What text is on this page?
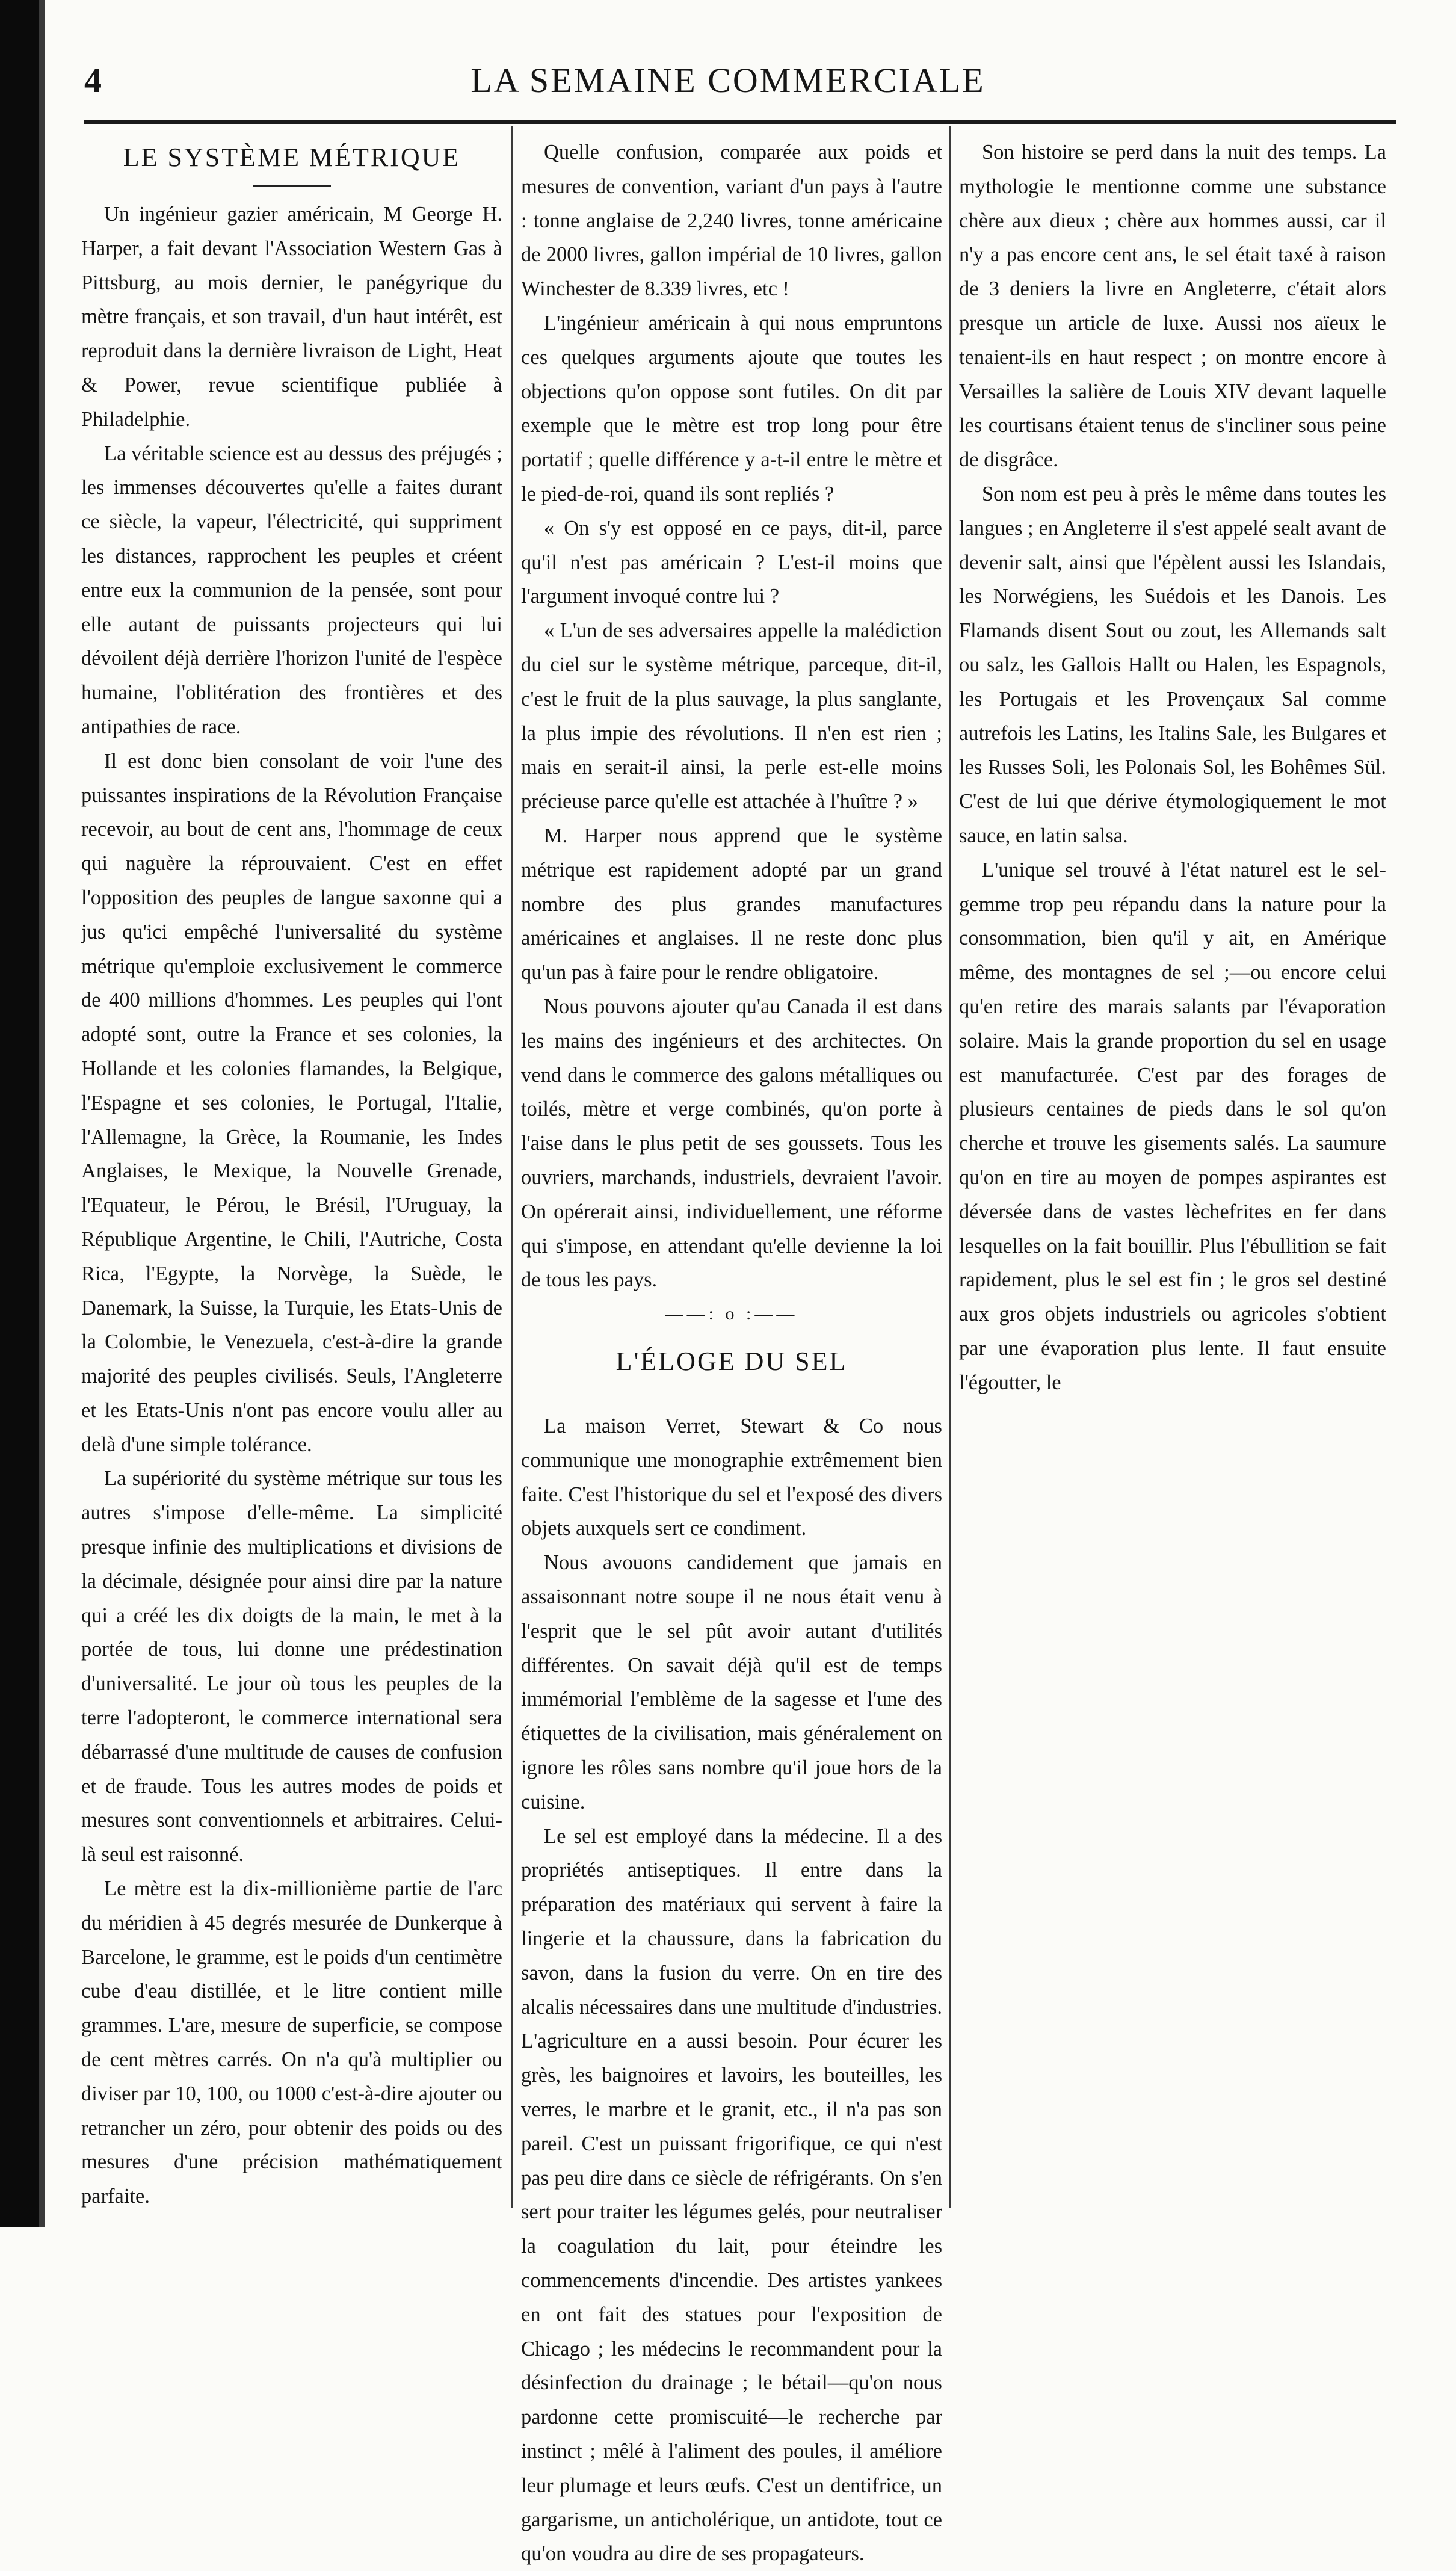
4	LA SEMAINE COMMERCIALE
LE SYSTÈME MÉTRIQUE

Un ingénieur gazier américain, M George H. Harper, a fait devant l'Association Western Gas à Pittsburg, au mois dernier, le panégyrique du mètre français, et son travail, d'un haut intérêt, est reproduit dans la dernière livraison de Light, Heat & Power, revue scientifique publiée à Philadelphie.

La véritable science est au dessus des préjugés ; les immenses découvertes qu'elle a faites durant ce siècle, la vapeur, l'électricité, qui suppriment les distances, rapprochent les peuples et créent entre eux la communion de la pensée, sont pour elle autant de puissants projecteurs qui lui dévoilent déjà derrière l'horizon l'unité de l'espèce humaine, l'oblitération des frontières et des antipathies de race.

Il est donc bien consolant de voir l'une des puissantes inspirations de la Révolution Française recevoir, au bout de cent ans, l'hommage de ceux qui naguère la réprouvaient. C'est en effet l'opposition des peuples de langue saxonne qui a jus qu'ici empêché l'universalité du système métrique qu'emploie exclusivement le commerce de 400 millions d'hommes. Les peuples qui l'ont adopté sont, outre la France et ses colonies, la Hollande et les colonies flamandes, la Belgique, l'Espagne et ses colonies, le Portugal, l'Italie, l'Allemagne, la Grèce, la Roumanie, les Indes Anglaises, le Mexique, la Nouvelle Grenade, l'Equateur, le Pérou, le Brésil, l'Uruguay, la République Argentine, le Chili, l'Autriche, Costa Rica, l'Egypte, la Norvège, la Suède, le Danemark, la Suisse, la Turquie, les Etats-Unis de la Colombie, le Venezuela, c'est-à-dire la grande majorité des peuples civilisés. Seuls, l'Angleterre et les Etats-Unis n'ont pas encore voulu aller au delà d'une simple tolérance.

La supériorité du système métrique sur tous les autres s'impose d'elle-même. La simplicité presque infinie des multiplications et divisions de la décimale, désignée pour ainsi dire par la nature qui a créé les dix doigts de la main, le met à la portée de tous, lui donne une prédestination d'universalité. Le jour où tous les peuples de la terre l'adopteront, le commerce international sera débarrassé d'une multitude de causes de confusion et de fraude. Tous les autres modes de poids et mesures sont conventionnels et arbitraires. Celui-là seul est raisonné.

Le mètre est la dix-millionième partie de l'arc du méridien à 45 degrés mesurée de Dunkerque à Barcelone, le gramme, est le poids d'un centimètre cube d'eau distillée, et le litre contient mille grammes. L'are, mesure de superficie, se compose de cent mètres carrés. On n'a qu'à multiplier ou diviser par 10, 100, ou 1000 c'est-à-dire ajouter ou retrancher un zéro, pour obtenir des poids ou des mesures d'une précision mathématiquement parfaite.

Quelle confusion, comparée aux poids et mesures de convention, variant d'un pays à l'autre : tonne anglaise de 2,240 livres, tonne américaine de 2000 livres, gallon impérial de 10 livres, gallon Winchester de 8.339 livres, etc !

L'ingénieur américain à qui nous empruntons ces quelques arguments ajoute que toutes les objections qu'on oppose sont futiles. On dit par exemple que le mètre est trop long pour être portatif ; quelle différence y a-t-il entre le mètre et le pied-de-roi, quand ils sont repliés ?

« On s'y est opposé en ce pays, dit-il, parce qu'il n'est pas américain ? L'est-il moins que l'argument invoqué contre lui ?

« L'un de ses adversaires appelle la malédiction du ciel sur le système métrique, parceque, dit-il, c'est le fruit de la plus sauvage, la plus sanglante, la plus impie des révolutions. Il n'en est rien ; mais en serait-il ainsi, la perle est-elle moins précieuse parce qu'elle est attachée à l'huître ? »

M. Harper nous apprend que le système métrique est rapidement adopté par un grand nombre des plus grandes manufactures américaines et anglaises. Il ne reste donc plus qu'un pas à faire pour le rendre obligatoire.

Nous pouvons ajouter qu'au Canada il est dans les mains des ingénieurs et des architectes. On vend dans le commerce des galons métalliques ou toilés, mètre et verge combinés, qu'on porte à l'aise dans le plus petit de ses goussets. Tous les ouvriers, marchands, industriels, devraient l'avoir. On opérerait ainsi, individuellement, une réforme qui s'impose, en attendant qu'elle devienne la loi de tous les pays.

——: o :——
L'ÉLOGE DU SEL

La maison Verret, Stewart & Co nous communique une monographie extrêmement bien faite. C'est l'historique du sel et l'exposé des divers objets auxquels sert ce condiment.

Nous avouons candidement que jamais en assaisonnant notre soupe il ne nous était venu à l'esprit que le sel pût avoir autant d'utilités différentes. On savait déjà qu'il est de temps immémorial l'emblème de la sagesse et l'une des étiquettes de la civilisation, mais généralement on ignore les rôles sans nombre qu'il joue hors de la cuisine.

Le sel est employé dans la médecine. Il a des propriétés antiseptiques. Il entre dans la préparation des matériaux qui servent à faire la lingerie et la chaussure, dans la fabrication du savon, dans la fusion du verre. On en tire des alcalis nécessaires dans une multitude d'industries. L'agriculture en a aussi besoin. Pour écurer les grès, les baignoires et lavoirs, les bouteilles, les verres, le marbre et le granit, etc., il n'a pas son pareil. C'est un puissant frigorifique, ce qui n'est pas peu dire dans ce siècle de réfrigérants. On s'en sert pour traiter les légumes gelés, pour neutraliser la coagulation du lait, pour éteindre les commencements d'incendie. Des artistes yankees en ont fait des statues pour l'exposition de Chicago ; les médecins le recommandent pour la désinfection du drainage ; le bétail—qu'on nous pardonne cette promiscuité—le recherche par instinct ; mêlé à l'aliment des poules, il améliore leur plumage et leurs œufs. C'est un dentifrice, un gargarisme, un anticholérique, un antidote, tout ce qu'on voudra au dire de ses propagateurs.

Son histoire se perd dans la nuit des temps. La mythologie le mentionne comme une substance chère aux dieux ; chère aux hommes aussi, car il n'y a pas encore cent ans, le sel était taxé à raison de 3 deniers la livre en Angleterre, c'était alors presque un article de luxe. Aussi nos aïeux le tenaient-ils en haut respect ; on montre encore à Versailles la salière de Louis XIV devant laquelle les courtisans étaient tenus de s'incliner sous peine de disgrâce.

Son nom est peu à près le même dans toutes les langues ; en Angleterre il s'est appelé sealt avant de devenir salt, ainsi que l'épèlent aussi les Islandais, les Norwégiens, les Suédois et les Danois. Les Flamands disent Sout ou zout, les Allemands salt ou salz, les Gallois Hallt ou Halen, les Espagnols, les Portugais et les Provençaux Sal comme autrefois les Latins, les Italins Sale, les Bulgares et les Russes Soli, les Polonais Sol, les Bohêmes Sül. C'est de lui que dérive étymologiquement le mot sauce, en latin salsa.

L'unique sel trouvé à l'état naturel est le sel-gemme trop peu répandu dans la nature pour la consommation, bien qu'il y ait, en Amérique même, des montagnes de sel ;—ou encore celui qu'en retire des marais salants par l'évaporation solaire. Mais la grande proportion du sel en usage est manufacturée. C'est par des forages de plusieurs centaines de pieds dans le sol qu'on cherche et trouve les gisements salés. La saumure qu'on en tire au moyen de pompes aspirantes est déversée dans de vastes lèchefrites en fer dans lesquelles on la fait bouillir. Plus l'ébullition se fait rapidement, plus le sel est fin ; le gros sel destiné aux gros objets industriels ou agricoles s'obtient par une évaporation plus lente. Il faut ensuite l'égoutter, le
